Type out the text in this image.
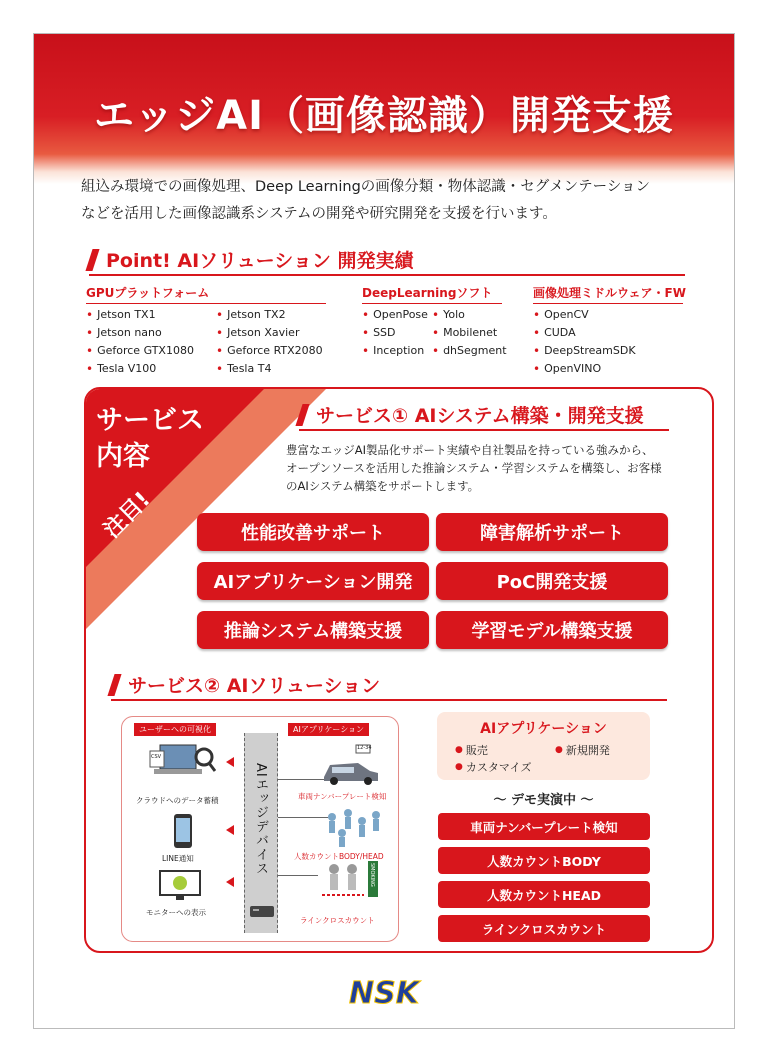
エッジAI（画像認識）開発支援
組込み環境での画像処理、Deep Learningの画像分類・物体認識・セグメンテーション
などを活用した画像認識系システムの開発や研究開発を支援を行います。
Point! AIソリューション 開発実績
GPUプラットフォーム
• Jetson TX1	• Jetson TX2
• Jetson nano	• Jetson Xavier
• Geforce GTX1080	• Geforce RTX2080
• Tesla V100	• Tesla T4
DeepLearningソフト
• OpenPose	• Yolo
• SSD	• Mobilenet
• Inception	• dhSegment
画像処理ミドルウェア・FW
• OpenCV
• CUDA
• DeepStreamSDK
• OpenVINO
サービス
内容
注目!
サービス① AIシステム構築・開発支援
豊富なエッジAI製品化サポート実績や自社製品を持っている強みから、
オープンソースを活用した推論システム・学習システムを構築し、お客様
のAIシステム構築をサポートします。
性能改善サポート	障害解析サポート
AIアプリケーション開発	PoC開発支援
推論システム構築支援	学習モデル構築支援
サービス② AIソリューション
ユーザーへの可視化	AIアプリケーション
AIエッジデバイス
CSV
クラウドへのデータ蓄積
LINE通知
モニターへの表示
12-34
車両ナンバープレート検知
人数カウントBODY/HEAD
SMOKING
ラインクロスカウント
AIアプリケーション
● 販売	● 新規開発
● カスタマイズ
～ デモ実演中 ～
車両ナンバープレート検知
人数カウントBODY
人数カウントHEAD
ラインクロスカウント
NSK
